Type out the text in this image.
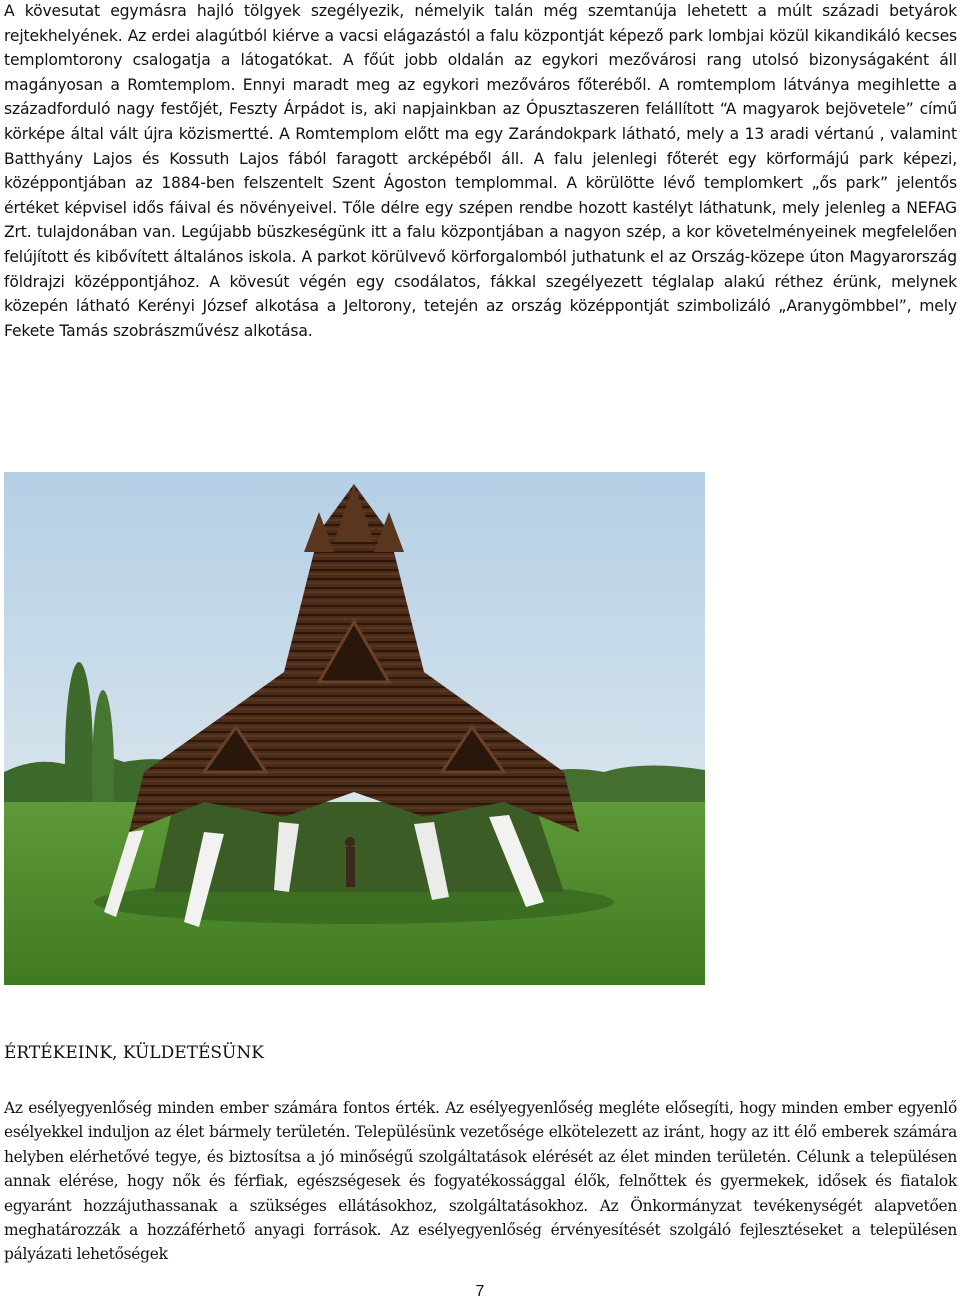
A kövesutat egymásra hajló tölgyek szegélyezik, némelyik talán még szemtanúja lehetett a múlt századi betyárok rejtekhelyének. Az erdei alagútból kiérve a vacsi elágazástól a falu központját képező park lombjai közül kikandikáló kecses templomtorony csalogatja a látogatókat. A főút jobb oldalán az egykori mezővárosi rang utolsó bizonyságaként áll magányosan a Romtemplom. Ennyi maradt meg az egykori mezőváros főteréből. A romtemplom látványa megihlette a századforduló nagy festőjét, Feszty Árpádot is, aki napjainkban az Ópusztaszeren felállított “A magyarok bejövetele” című körképe által vált újra közismertté. A Romtemplom előtt ma egy Zarándokpark látható, mely a 13 aradi vértanú , valamint Batthyány Lajos és Kossuth Lajos fából faragott arcképéből áll. A falu jelenlegi főterét egy körformájú park képezi, középpontjában az 1884-ben felszentelt Szent Ágoston templommal. A körülötte lévő templomkert „ős park” jelentős értéket képvisel idős fáival és növényeivel. Tőle délre egy szépen rendbe hozott kastélyt láthatunk, mely jelenleg a NEFAG Zrt. tulajdonában van. Legújabb büszkeségünk itt a falu központjában a nagyon szép, a kor követelményeinek megfelelően felújított és kibővített általános iskola. A parkot körülvevő körforgalomból juthatunk el az Ország-közepe úton Magyarország földrajzi középpontjához. A kövesút végén egy csodálatos, fákkal szegélyezett téglalap alakú réthez érünk, melynek közepén látható Kerényi József alkotása a Jeltorony, tetején az ország középpontját szimbolizáló „Aranygömbbel”, mely Fekete Tamás szobrászművész alkotása.

ÉRTÉKEINK, KÜLDETÉSÜNK

Az esélyegyenlőség minden ember számára fontos érték. Az esélyegyenlőség megléte elősegíti, hogy minden ember egyenlő esélyekkel induljon az élet bármely területén. Településünk vezetősége elkötelezett az iránt, hogy az itt élő emberek számára helyben elérhetővé tegye, és biztosítsa a jó minőségű szolgáltatások elérését az élet minden területén. Célunk a településen annak elérése, hogy nők és férfiak, egészségesek és fogyatékossággal élők, felnőttek és gyermekek, idősek és fiatalok egyaránt hozzájuthassanak a szükséges ellátásokhoz, szolgáltatásokhoz. Az Önkormányzat tevékenységét alapvetően meghatározzák a hozzáférhető anyagi források. Az esélyegyenlőség érvényesítését szolgáló fejlesztéseket a településen pályázati lehetőségek

7
